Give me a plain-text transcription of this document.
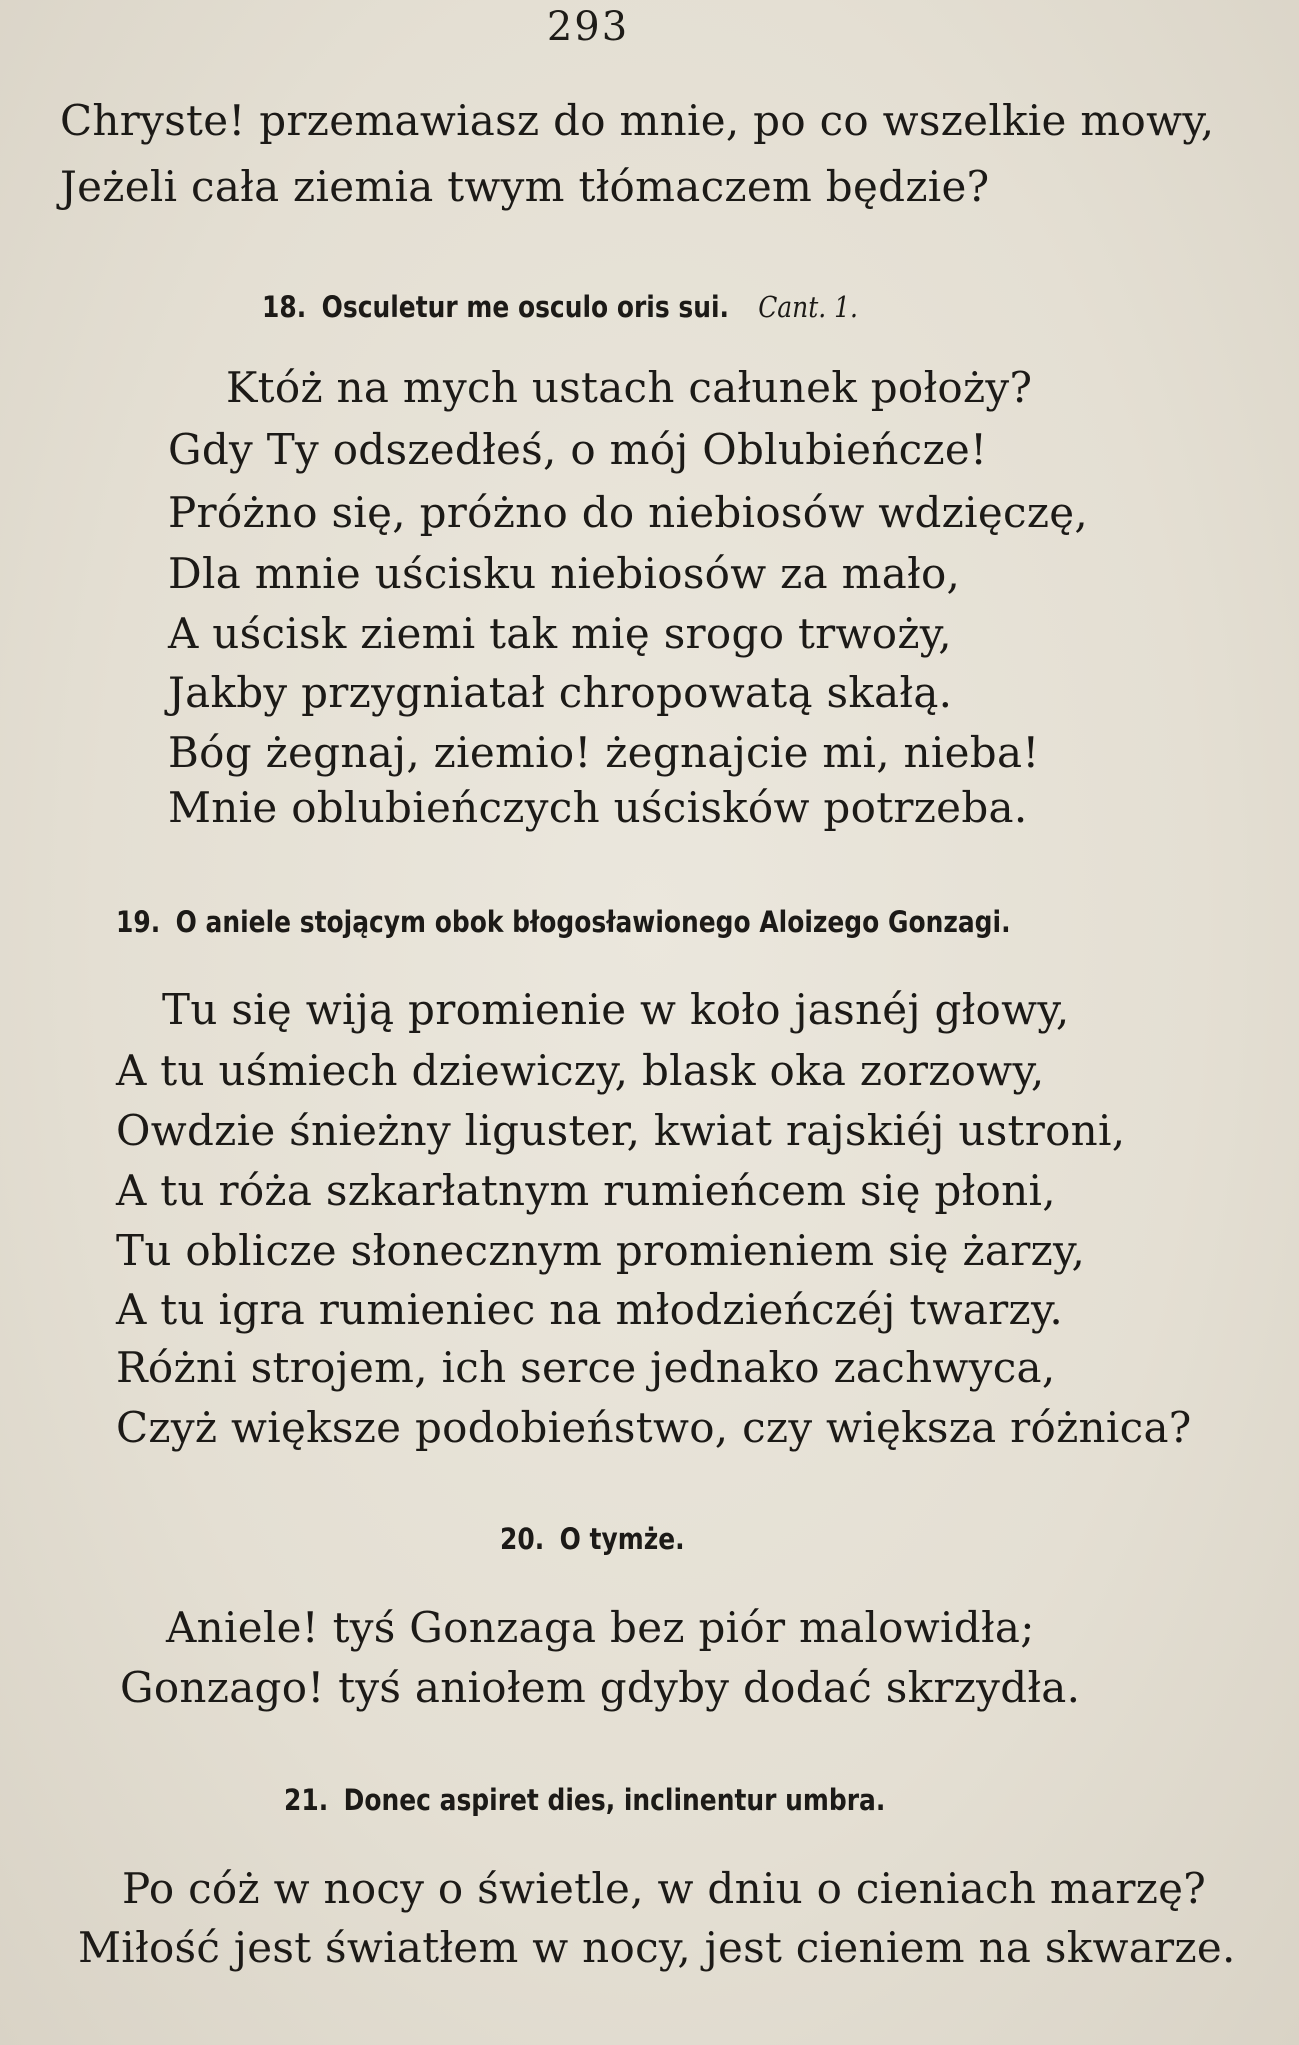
293
Chryste! przemawiasz do mnie, po co wszelkie mowy,
Jeżeli cała ziemia twym tłómaczem będzie?
18. Osculetur me osculo oris sui. Cant. 1.
Któż na mych ustach całunek położy?
Gdy Ty odszedłeś, o mój Oblubieńcze!
Próżno się, próżno do niebiosów wdzięczę,
Dla mnie uścisku niebiosów za mało,
A uścisk ziemi tak mię srogo trwoży,
Jakby przygniatał chropowatą skałą.
Bóg żegnaj, ziemio! żegnajcie mi, nieba!
Mnie oblubieńczych uścisków potrzeba.
19. O aniele stojącym obok błogosławionego Aloizego Gonzagi.
Tu się wiją promienie w koło jasnéj głowy,
A tu uśmiech dziewiczy, blask oka zorzowy,
Owdzie śnieżny liguster, kwiat rajskiéj ustroni,
A tu róża szkarłatnym rumieńcem się płoni,
Tu oblicze słonecznym promieniem się żarzy,
A tu igra rumieniec na młodzieńczéj twarzy.
Różni strojem, ich serce jednako zachwyca,
Czyż większe podobieństwo, czy większa różnica?
20. O tymże.
Aniele! tyś Gonzaga bez piór malowidła;
Gonzago! tyś aniołem gdyby dodać skrzydła.
21. Donec aspiret dies, inclinentur umbra.
Po cóż w nocy o świetle, w dniu o cieniach marzę?
Miłość jest światłem w nocy, jest cieniem na skwarze.
